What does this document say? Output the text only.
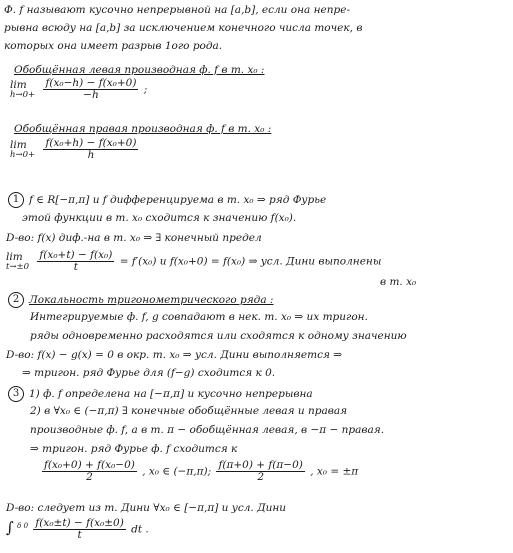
Ф. f называют кусочно непрерывной на [a,b], если она непре-
рывна всюду на [a,b] за исключением конечного числа точек, в
которых она имеет разрыв 1ого рода.
Обобщённая левая производная ф. f в т. x₀ :
lim
h→0+
$\frac{\text{f(x₀−h) − f(x₀+0)}}{-h}$ ;
Обобщённая правая производная ф. f в т. x₀ :
lim
h→0+
$\frac{\text{f(x₀+h) − f(x₀+0)}}{h}$
1 f ∈ R[−π,π] и f дифференцируема в т. x₀ ⇒ ряд Фурье
этой функции в т. x₀ сходится к значению f(x₀).
D-во: f(x) диф.-на в т. x₀ ⇒ ∃ конечный предел
lim
t→±0
$\frac{\text{f(x₀+t) − f(x₀)}}{t} = f'(x_0)$ и f(x₀+0) = f(x₀) ⇒ усл. Дини выполнены
в т. x₀
2 Локальность тригонометрического ряда :
Интегрируемые ф. f, g совпадают в нек. т. x₀ ⇒ их тригон.
ряды одновременно расходятся или сходятся к одному значению
D-во: f(x) − g(x) = 0 в окр. т. x₀ ⇒ усл. Дини выполняется ⇒
⇒ тригон. ряд Фурье для (f−g) сходится к 0.
3 1) ф. f определена на [−π,π] и кусочно непрерывна
2) в ∀x₀ ∈ (−π,π) ∃ конечные обобщённые левая и правая
производные ф. f, а в т. π − обобщённая левая, в −π − правая.
⇒ тригон. ряд Фурье ф. f сходится к
$\frac{\text{f(x₀+0) + f(x₀−0)}}{2}$ , x₀ ∈ (−π,π); $\frac{f(\pi+0) + f(\pi-0)}{2}$ , x₀ = ±π
D-во: следует из т. Дини ∀x₀ ∈ [−π,π] и усл. Дини
∫ $^{\delta 0} \frac{\text{f(x₀±t) − f(x₀±0)}}{t}$ dt .
